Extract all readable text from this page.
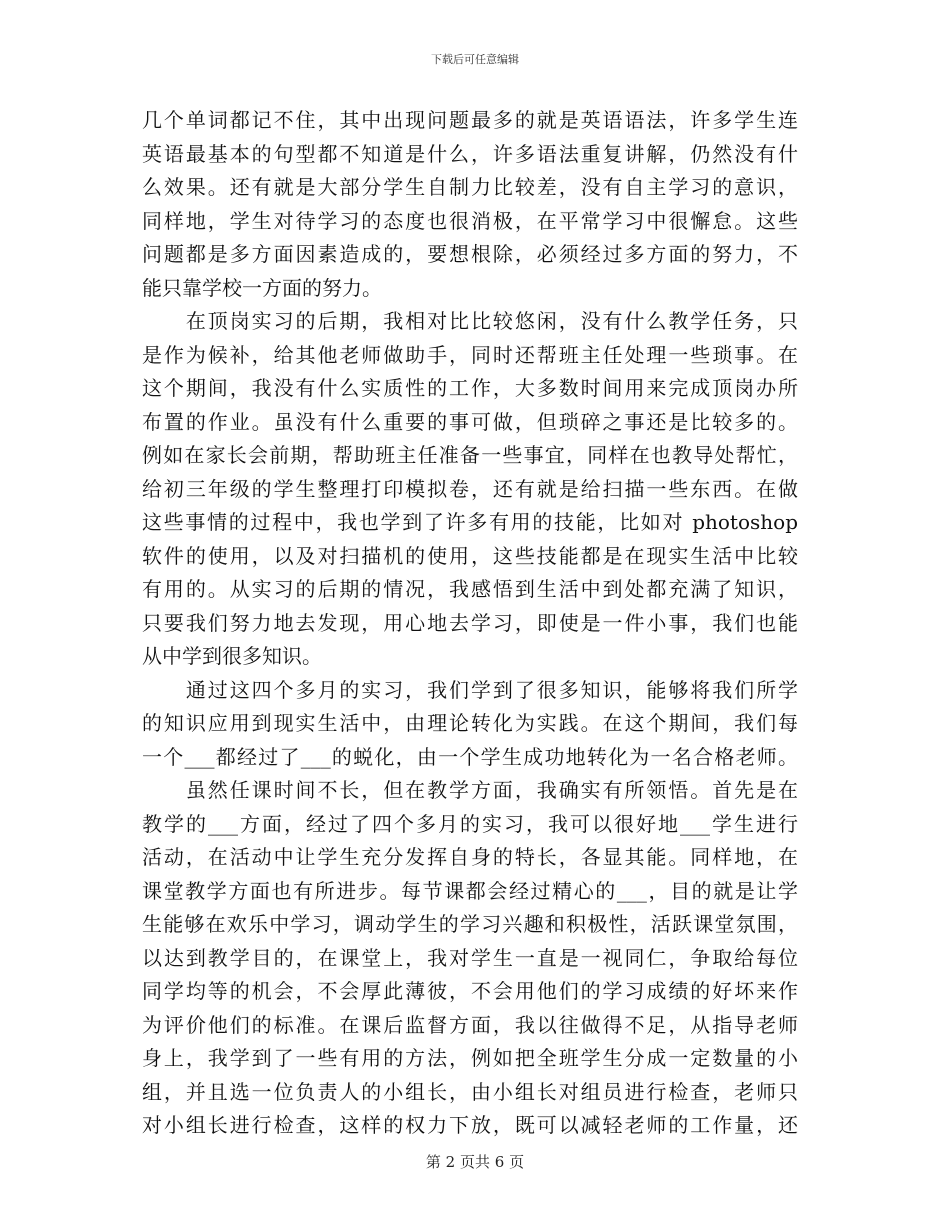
下载后可任意编辑
几个单词都记不住，其中出现问题最多的就是英语语法，许多学生连
英语最基本的句型都不知道是什么，许多语法重复讲解，仍然没有什
么效果。还有就是大部分学生自制力比较差，没有自主学习的意识，
同样地，学生对待学习的态度也很消极，在平常学习中很懈怠。这些
问题都是多方面因素造成的，要想根除，必须经过多方面的努力，不
能只靠学校一方面的努力。
　　在顶岗实习的后期，我相对比比较悠闲，没有什么教学任务，只
是作为候补，给其他老师做助手，同时还帮班主任处理一些琐事。在
这个期间，我没有什么实质性的工作，大多数时间用来完成顶岗办所
布置的作业。虽没有什么重要的事可做，但琐碎之事还是比较多的。
例如在家长会前期，帮助班主任准备一些事宜，同样在也教导处帮忙，
给初三年级的学生整理打印模拟卷，还有就是给扫描一些东西。在做
这些事情的过程中，我也学到了许多有用的技能，比如对 photoshop
软件的使用，以及对扫描机的使用，这些技能都是在现实生活中比较
有用的。从实习的后期的情况，我感悟到生活中到处都充满了知识，
只要我们努力地去发现，用心地去学习，即使是一件小事，我们也能
从中学到很多知识。
　　通过这四个多月的实习，我们学到了很多知识，能够将我们所学
的知识应用到现实生活中，由理论转化为实践。在这个期间，我们每
一个___都经过了___的蜕化，由一个学生成功地转化为一名合格老师。
　　虽然任课时间不长，但在教学方面，我确实有所领悟。首先是在
教学的___方面，经过了四个多月的实习，我可以很好地___学生进行
活动，在活动中让学生充分发挥自身的特长，各显其能。同样地，在
课堂教学方面也有所进步。每节课都会经过精心的___，目的就是让学
生能够在欢乐中学习，调动学生的学习兴趣和积极性，活跃课堂氛围，
以达到教学目的，在课堂上，我对学生一直是一视同仁，争取给每位
同学均等的机会，不会厚此薄彼，不会用他们的学习成绩的好坏来作
为评价他们的标准。在课后监督方面，我以往做得不足，从指导老师
身上，我学到了一些有用的方法，例如把全班学生分成一定数量的小
组，并且选一位负责人的小组长，由小组长对组员进行检查，老师只
对小组长进行检查，这样的权力下放，既可以减轻老师的工作量，还
第 2 页共 6 页
